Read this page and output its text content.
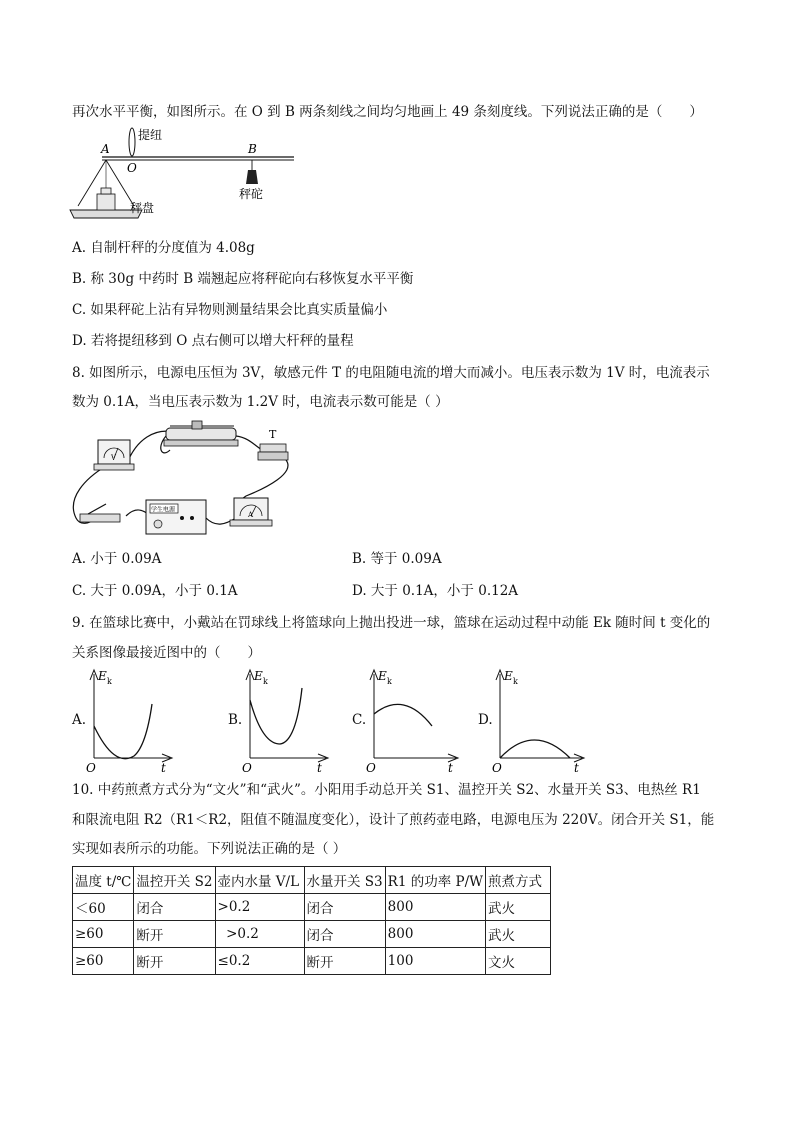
再次水平平衡，如图所示。在 O 到 B 两条刻线之间均匀地画上 49 条刻度线。下列说法正确的是（　　）
A
O
B
提纽
秤砣
秤盘
A. 自制杆秤的分度值为 4.08g
B. 称 30g 中药时 B 端翘起应将秤砣向右移恢复水平平衡
C. 如果秤砣上沾有异物则测量结果会比真实质量偏小
D. 若将提纽移到 O 点右侧可以增大杆秤的量程
8. 如图所示，电源电压恒为 3V，敏感元件 T 的电阻随电流的增大而减小。电压表示数为 1V 时，电流表示
数为 0.1A，当电压表示数为 1.2V 时，电流表示数可能是（ ）
V
T
学生电源
A
A. 小于 0.09A	B. 等于 0.09A
C. 大于 0.09A，小于 0.1A	D. 大于 0.1A，小于 0.12A
9. 在篮球比赛中，小戴站在罚球线上将篮球向上抛出投进一球，篮球在运动过程中动能 Ek 随时间 t 变化的
关系图像最接近图中的（　　）
A.
E k
O	t
B.
E k
O	t
C.
E k
O	t
D.
E k
O	t
10. 中药煎煮方式分为“文火”和“武火”。小阳用手动总开关 S1、温控开关 S2、水量开关 S3、电热丝 R1
和限流电阻 R2（R1＜R2，阻值不随温度变化），设计了煎药壶电路，电源电压为 220V。闭合开关 S1，能
实现如表所示的功能。下列说法正确的是（ ）
温度 t/℃	温控开关 S2	壶内水量 V/L	水量开关 S3	R1 的功率 P/W	煎煮方式
＜60	闭合	>0.2	闭合	800	武火
≥60	断开	>0.2	闭合	800	武火
≥60	断开	≤0.2	断开	100	文火
